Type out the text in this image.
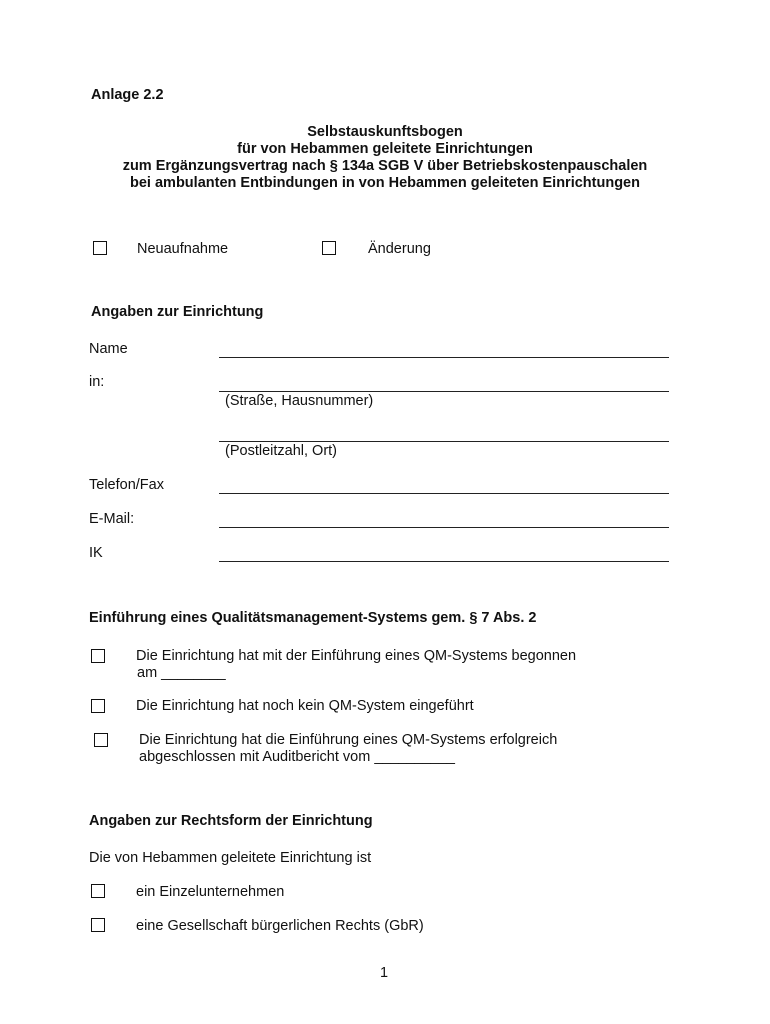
Anlage 2.2
Selbstauskunftsbogen
für von Hebammen geleitete Einrichtungen
zum Ergänzungsvertrag nach § 134a SGB V über Betriebskostenpauschalen
bei ambulanten Entbindungen in von Hebammen geleiteten Einrichtungen
Neuaufnahme	Änderung
Angaben zur Einrichtung
Name
in:
(Straße, Hausnummer)
(Postleitzahl, Ort)
Telefon/Fax
E-Mail:
IK
Einführung eines Qualitätsmanagement-Systems gem. § 7 Abs. 2
Die Einrichtung hat mit der Einführung eines QM-Systems begonnen
am ________
Die Einrichtung hat noch kein QM-System eingeführt
Die Einrichtung hat die Einführung eines QM-Systems erfolgreich
abgeschlossen mit Auditbericht vom __________
Angaben zur Rechtsform der Einrichtung
Die von Hebammen geleitete Einrichtung ist
ein Einzelunternehmen
eine Gesellschaft bürgerlichen Rechts (GbR)
1
